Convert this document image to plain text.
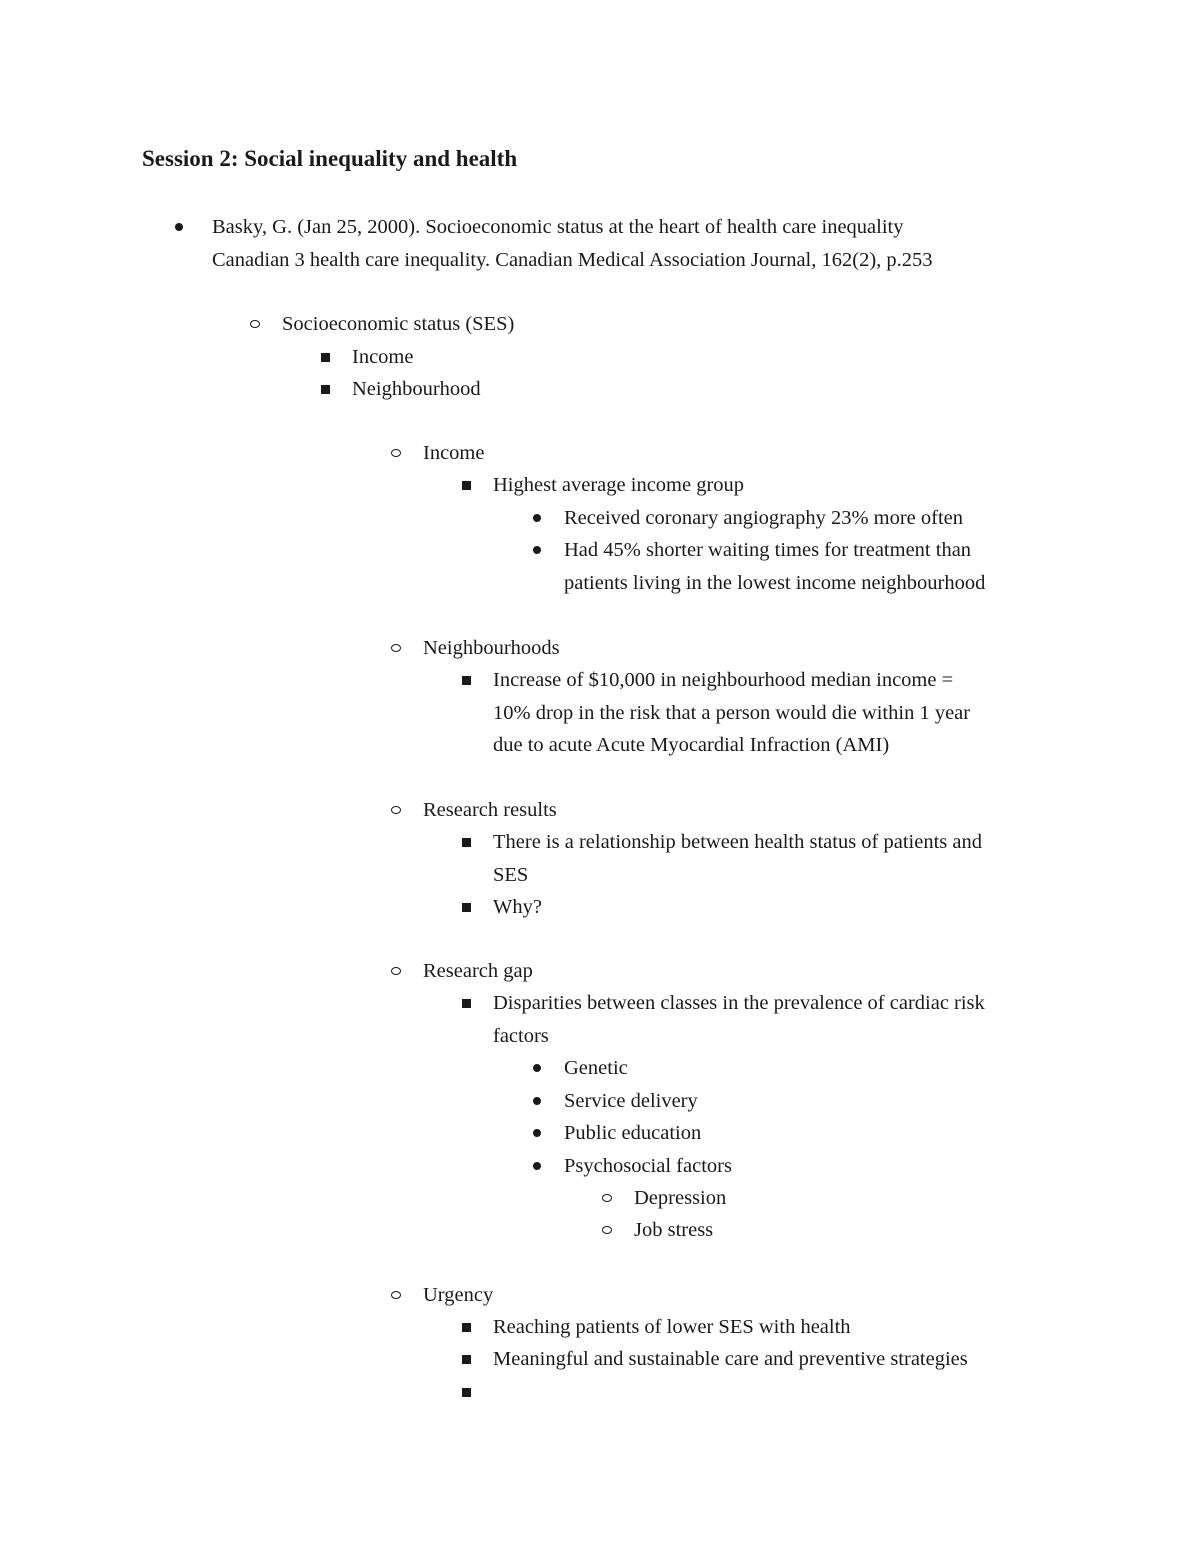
Session 2: Social inequality and health
Basky, G. (Jan 25, 2000). Socioeconomic status at the heart of health care inequality
Canadian 3 health care inequality. Canadian Medical Association Journal, 162(2), p.253
Socioeconomic status (SES)
Income
Neighbourhood
Income
Highest average income group
Received coronary angiography 23% more often
Had 45% shorter waiting times for treatment than
patients living in the lowest income neighbourhood
Neighbourhoods
Increase of $10,000 in neighbourhood median income =
10% drop in the risk that a person would die within 1 year
due to acute Acute Myocardial Infraction (AMI)
Research results
There is a relationship between health status of patients and
SES
Why?
Research gap
Disparities between classes in the prevalence of cardiac risk
factors
Genetic
Service delivery
Public education
Psychosocial factors
Depression
Job stress
Urgency
Reaching patients of lower SES with health
Meaningful and sustainable care and preventive strategies
